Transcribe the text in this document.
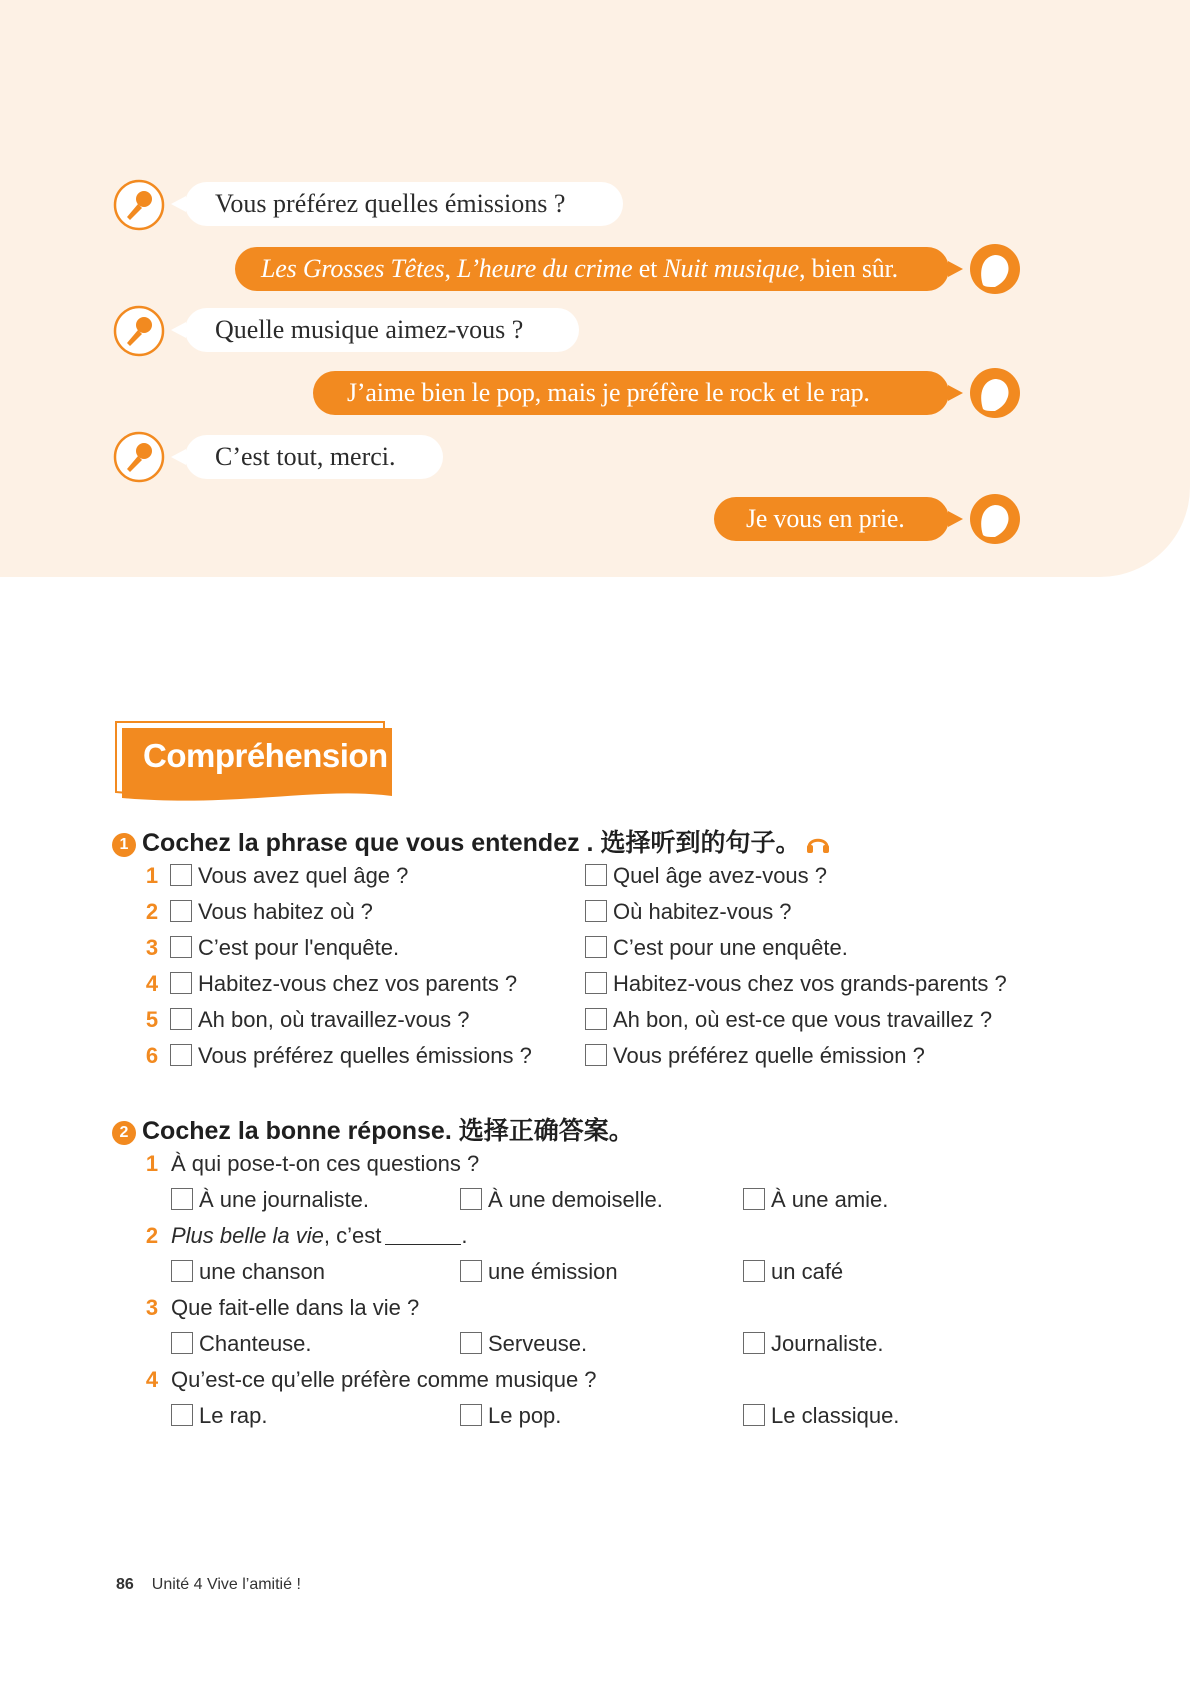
Vous préférez quelles émissions ?
Les Grosses Têtes, L’heure du crime et Nuit musique, bien sûr.
Quelle musique aimez-vous ?
J’aime bien le pop, mais je préfère le rock et le rap.
C’est tout, merci.
Je vous en prie.
Compréhension
1 Cochez la phrase que vous entendez . 选择听到的句子。
1	Vous avez quel âge ?	Quel âge avez-vous ?
2	Vous habitez où ?	Où habitez-vous ?
3	C’est pour l'enquête.	C’est pour une enquête.
4	Habitez-vous chez vos parents ?	Habitez-vous chez vos grands-parents ?
5	Ah bon, où travaillez-vous ?	Ah bon, où est-ce que vous travaillez ?
6	Vous préférez quelles émissions ?	Vous préférez quelle émission ?
2 Cochez la bonne réponse. 选择正确答案。
1 À qui pose-t-on ces questions ?
À une journaliste.	À une demoiselle.	À une amie.
2 Plus belle la vie, c’est	.
une chanson	une émission	un café
3 Que fait-elle dans la vie ?
Chanteuse.	Serveuse.	Journaliste.
4 Qu’est-ce qu’elle préfère comme musique ?
Le rap.	Le pop.	Le classique.
86 Unité 4 Vive l’amitié !
